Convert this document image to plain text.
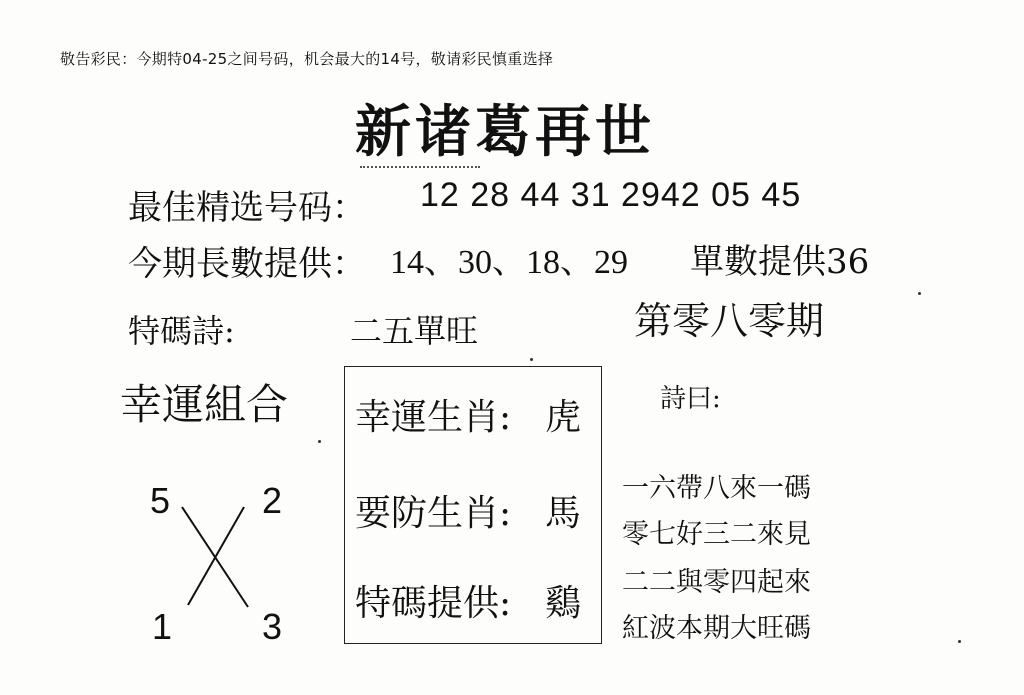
敬告彩民：今期特04-25之间号码，机会最大的14号，敬请彩民慎重选择
新诸葛再世
最佳精选号码： 12 28 44 31 2942 05 45
今期長數提供： 14、30、18、29 單數提供36
特碼詩:	二五單旺	第零八零期
幸運組合 幸運生肖: 虎
要防生肖: 馬
特碼提供: 鷄
詩曰:
一六帶八來一碼
零七好三二來見
二二與零四起來
紅波本期大旺碼
5	2
1 3
